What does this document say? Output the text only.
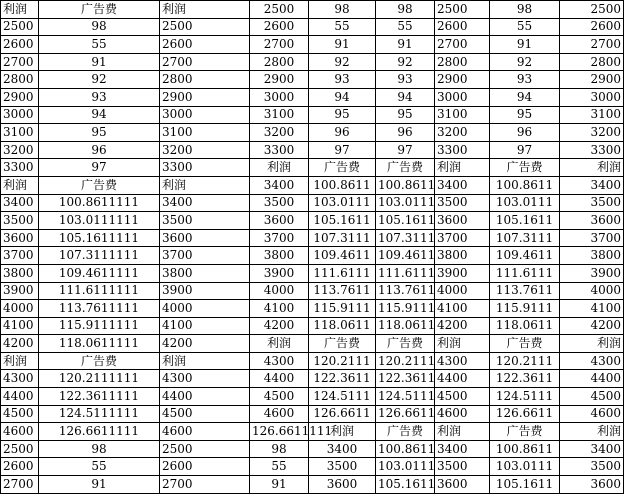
利润	广告费	利润	2500	98	98	2500	98	2500
2500	98	2500	2600	55	55	2600	55	2600
2600	55	2600	2700	91	91	2700	91	2700
2700	91	2700	2800	92	92	2800	92	2800
2800	92	2800	2900	93	93	2900	93	2900
2900	93	2900	3000	94	94	3000	94	3000
3000	94	3000	3100	95	95	3100	95	3100
3100	95	3100	3200	96	96	3200	96	3200
3200	96	3200	3300	97	97	3300	97	3300
3300	97	3300	利润	广告费	广告费	利润	广告费	利润
利润	广告费	利润	3400	100.8611	100.8611	3400	100.8611	3400
3400	100.8611111	3400	3500	103.0111	103.0111	3500	103.0111	3500
3500	103.0111111	3500	3600	105.1611	105.1611	3600	105.1611	3600
3600	105.1611111	3600	3700	107.3111	107.3111	3700	107.3111	3700
3700	107.3111111	3700	3800	109.4611	109.4611	3800	109.4611	3800
3800	109.4611111	3800	3900	111.6111	111.6111	3900	111.6111	3900
3900	111.6111111	3900	4000	113.7611	113.7611	4000	113.7611	4000
4000	113.7611111	4000	4100	115.9111	115.9111	4100	115.9111	4100
4100	115.9111111	4100	4200	118.0611	118.0611	4200	118.0611	4200
4200	118.0611111	4200	利润	广告费	广告费	利润	广告费	利润
利润	广告费	利润	4300	120.2111	120.2111	4300	120.2111	4300
4300	120.2111111	4300	4400	122.3611	122.3611	4400	122.3611	4400
4400	122.3611111	4400	4500	124.5111	124.5111	4500	124.5111	4500
4500	124.5111111	4500	4600	126.6611	126.6611	4600	126.6611	4600
4600	126.6611111	4600	126.6611111	利润	广告费	利润	广告费	利润
2500	98	2500	98	3400	100.8611	3400	100.8611	3400
2600	55	2600	55	3500	103.0111	3500	103.0111	3500
2700	91	2700	91	3600	105.1611	3600	105.1611	3600
